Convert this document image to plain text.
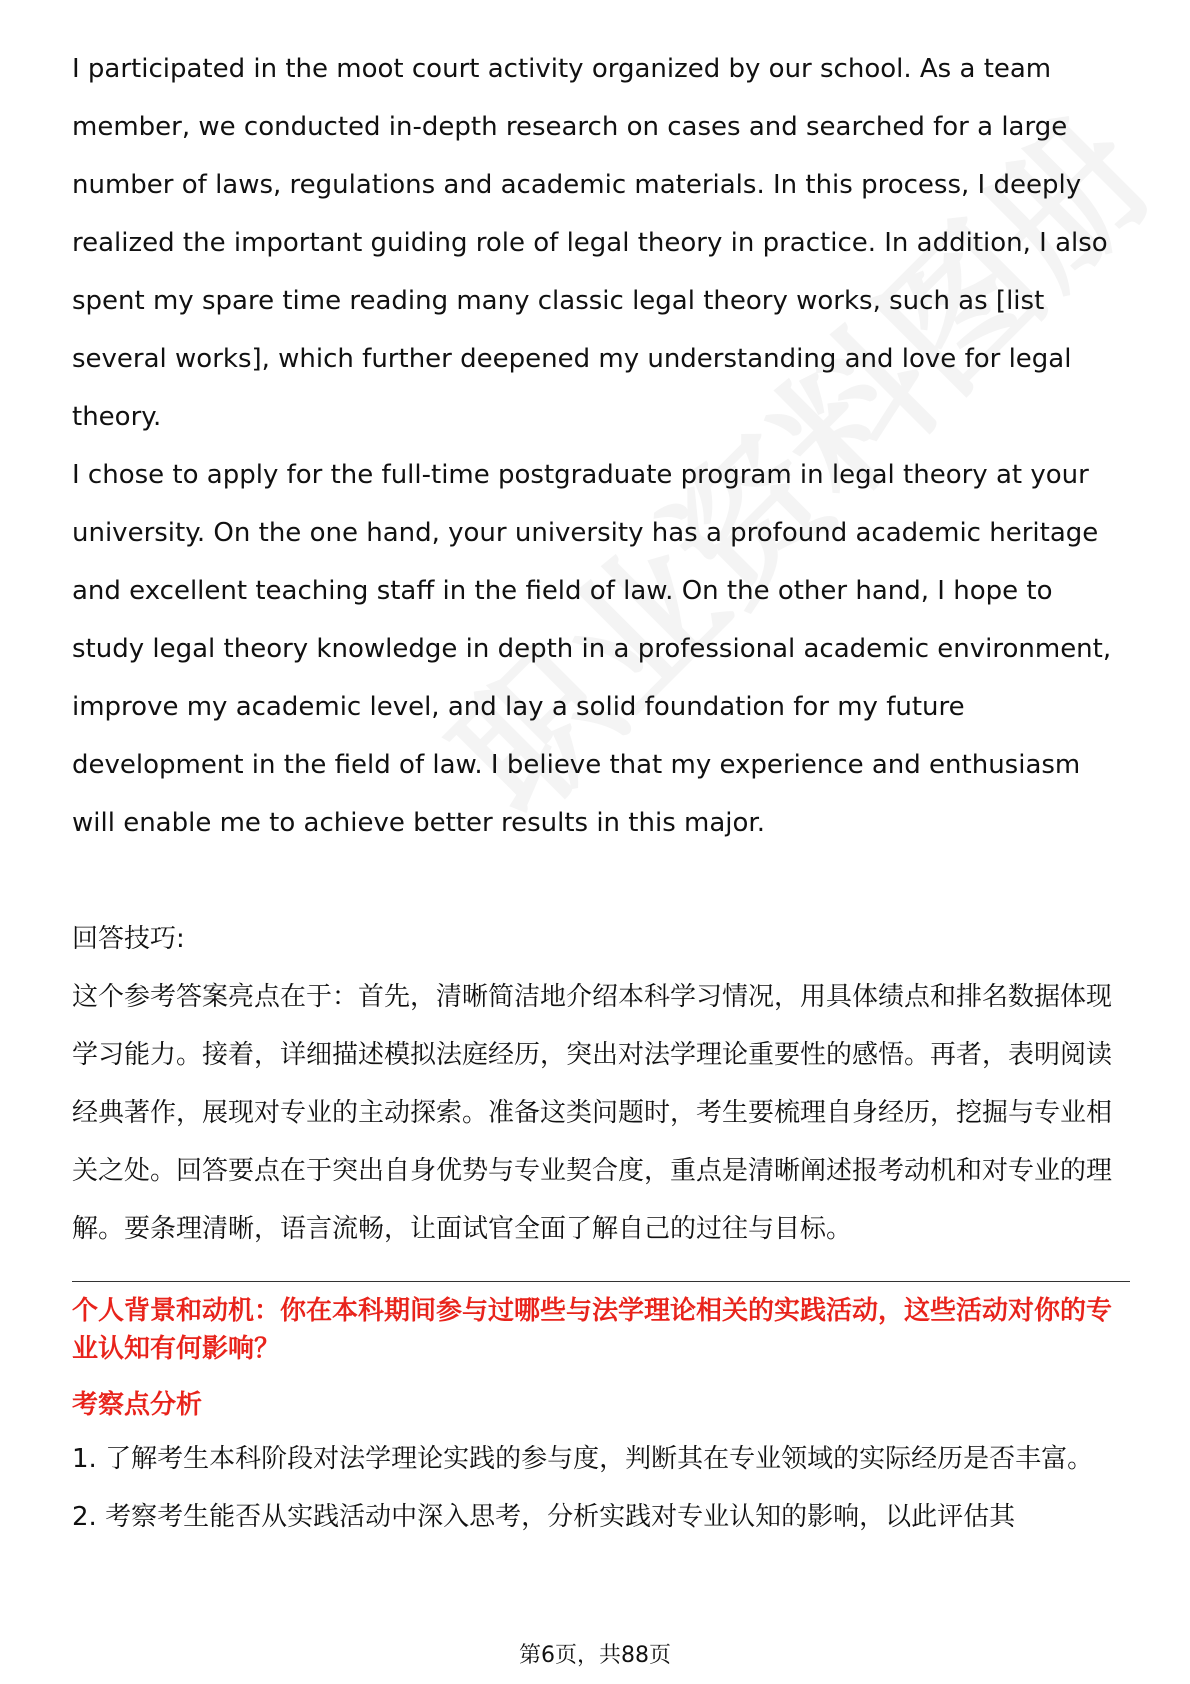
I participated in the moot court activity organized by our school. As a team member, we conducted in-depth research on cases and searched for a large number of laws, regulations and academic materials. In this process, I deeply realized the important guiding role of legal theory in practice. In addition, I also spent my spare time reading many classic legal theory works, such as [list several works], which further deepened my understanding and love for legal theory.

I chose to apply for the full-time postgraduate program in legal theory at your university. On the one hand, your university has a profound academic heritage and excellent teaching staff in the field of law. On the other hand, I hope to study legal theory knowledge in depth in a professional academic environment, improve my academic level, and lay a solid foundation for my future development in the field of law. I believe that my experience and enthusiasm will enable me to achieve better results in this major.

回答技巧:

这个参考答案亮点在于：首先，清晰简洁地介绍本科学习情况，用具体绩点和排名数据体现学习能力。接着，详细描述模拟法庭经历，突出对法学理论重要性的感悟。再者，表明阅读经典著作，展现对专业的主动探索。准备这类问题时，考生要梳理自身经历，挖掘与专业相关之处。回答要点在于突出自身优势与专业契合度，重点是清晰阐述报考动机和对专业的理解。要条理清晰，语言流畅，让面试官全面了解自己的过往与目标。

个人背景和动机：你在本科期间参与过哪些与法学理论相关的实践活动，这些活动对你的专业认知有何影响？

考察点分析

1. 了解考生本科阶段对法学理论实践的参与度，判断其在专业领域的实际经历是否丰富。

2. 考察考生能否从实践活动中深入思考，分析实践对专业认知的影响，以此评估其

第6页，共88页
